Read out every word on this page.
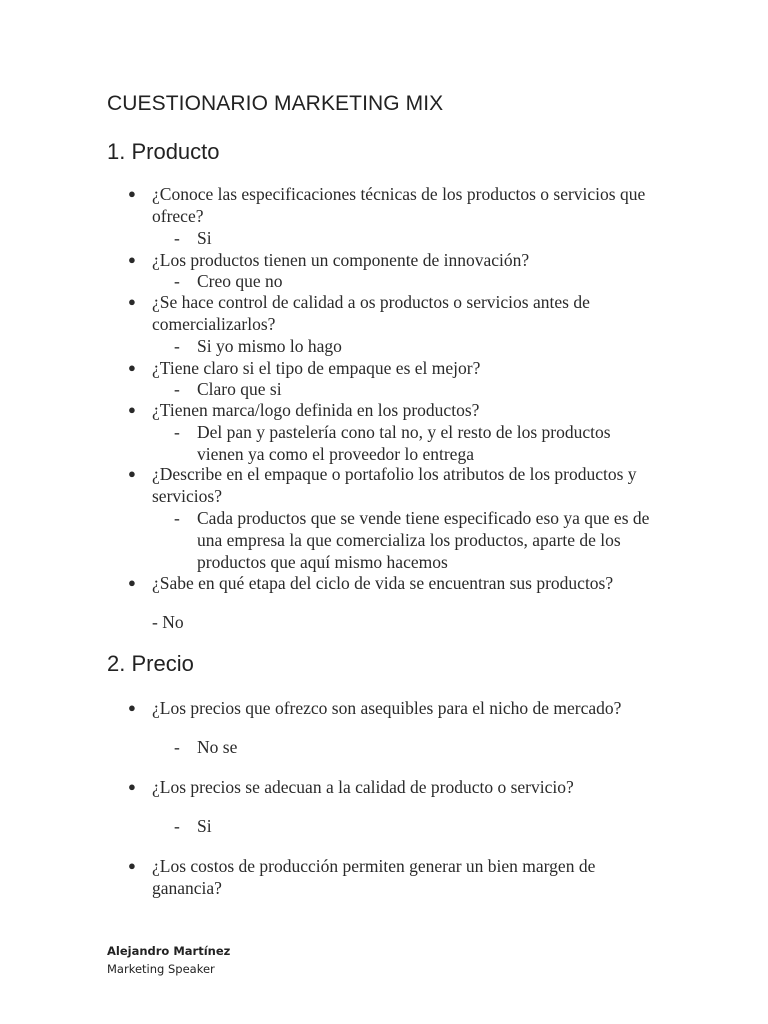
CUESTIONARIO MARKETING MIX
1. Producto
● ¿Conoce las especificaciones técnicas de los productos o servicios que ofrece?
- Si
● ¿Los productos tienen un componente de innovación?
- Creo que no
● ¿Se hace control de calidad a os productos o servicios antes de comercializarlos?
- Si yo mismo lo hago
● ¿Tiene claro si el tipo de empaque es el mejor?
- Claro que si
● ¿Tienen marca/logo definida en los productos?
- Del pan y pastelería cono tal no, y el resto de los productos vienen ya como el proveedor lo entrega
● ¿Describe en el empaque o portafolio los atributos de los productos y servicios?
- Cada productos que se vende tiene especificado eso ya que es de una empresa la que comercializa los productos, aparte de los productos que aquí mismo hacemos
● ¿Sabe en qué etapa del ciclo de vida se encuentran sus productos?
- No
2. Precio
● ¿Los precios que ofrezco son asequibles para el nicho de mercado?
- No se
● ¿Los precios se adecuan a la calidad de producto o servicio?
- Si
● ¿Los costos de producción permiten generar un bien margen de ganancia?
Alejandro Martínez
Marketing Speaker
